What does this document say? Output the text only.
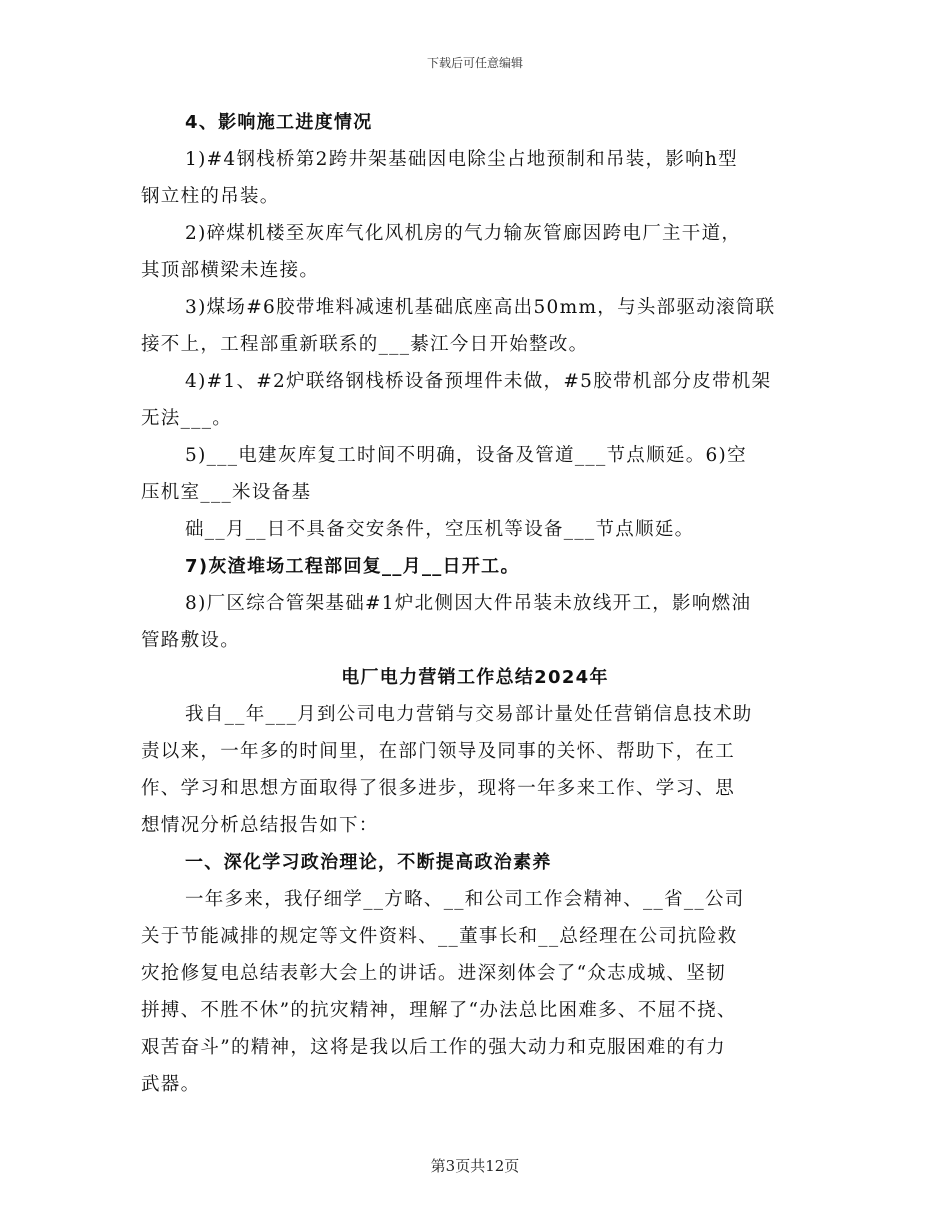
下载后可任意编辑

4、影响施工进度情况

1)#4钢栈桥第2跨井架基础因电除尘占地预制和吊装，影响h型

钢立柱的吊装。

2)碎煤机楼至灰库气化风机房的气力输灰管廊因跨电厂主干道，

其顶部横梁未连接。

3)煤场#6胶带堆料减速机基础底座高出50mm，与头部驱动滚筒联

接不上，工程部重新联系的___綦江今日开始整改。

4)#1、#2炉联络钢栈桥设备预埋件未做，#5胶带机部分皮带机架

无法___。

5)___电建灰库复工时间不明确，设备及管道___节点顺延。6)空

压机室___米设备基

础__月__日不具备交安条件，空压机等设备___节点顺延。

7)灰渣堆场工程部回复__月__日开工。

8)厂区综合管架基础#1炉北侧因大件吊装未放线开工，影响燃油

管路敷设。

电厂电力营销工作总结2024年

我自__年___月到公司电力营销与交易部计量处任营销信息技术助

责以来，一年多的时间里，在部门领导及同事的关怀、帮助下，在工

作、学习和思想方面取得了很多进步，现将一年多来工作、学习、思

想情况分析总结报告如下：

一、深化学习政治理论，不断提高政治素养

一年多来，我仔细学__方略、__和公司工作会精神、__省__公司

关于节能减排的规定等文件资料、__董事长和__总经理在公司抗险救

灾抢修复电总结表彰大会上的讲话。进深刻体会了“众志成城、坚韧

拼搏、不胜不休”的抗灾精神，理解了“办法总比困难多、不屈不挠、

艰苦奋斗”的精神，这将是我以后工作的强大动力和克服困难的有力

武器。

第3页共12页
